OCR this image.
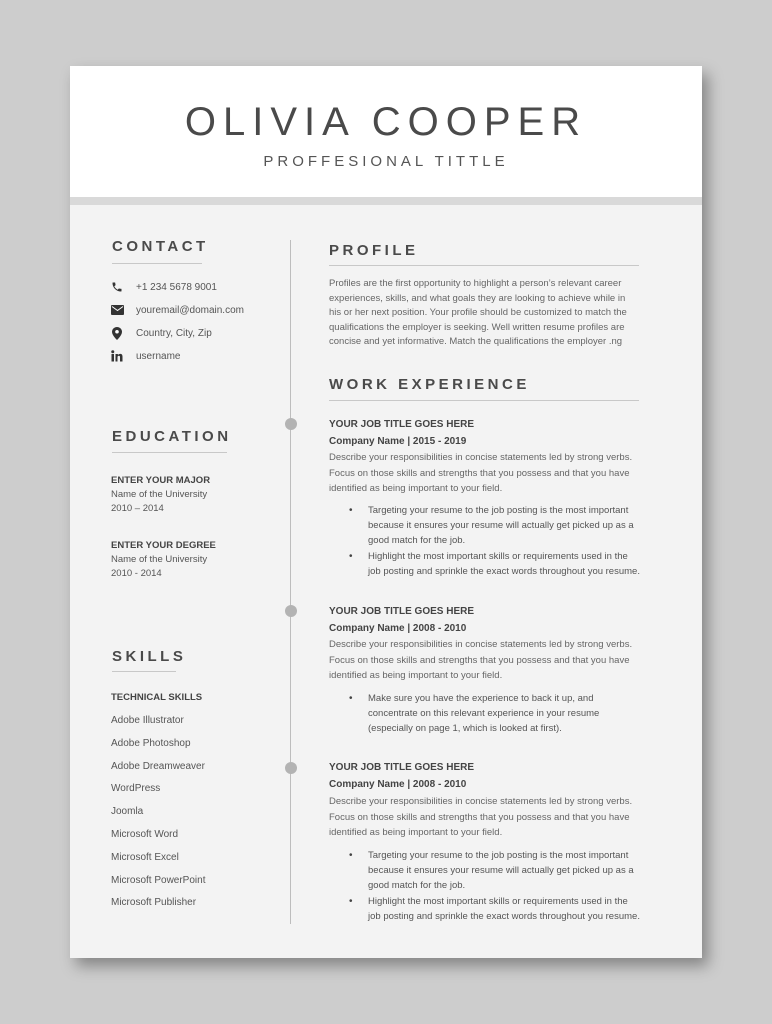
OLIVIA COOPER
PROFFESIONAL TITTLE
CONTACT
+1 234 5678 9001
youremail@domain.com
Country, City, Zip
username
EDUCATION
ENTER YOUR MAJOR
Name of the University
2010 – 2014
ENTER YOUR DEGREE
Name of the University
2010 - 2014
SKILLS
TECHNICAL SKILLS
Adobe Illustrator
Adobe Photoshop
Adobe Dreamweaver
WordPress
Joomla
Microsoft Word
Microsoft Excel
Microsoft PowerPoint
Microsoft Publisher
PROFILE
Profiles are the first opportunity to highlight a person’s relevant career
experiences, skills, and what goals they are looking to achieve while in
his or her next position. Your profile should be customized to match the
qualifications the employer is seeking. Well written resume profiles are
concise and yet informative. Match the qualifications the employer .ng
WORK EXPERIENCE
YOUR JOB TITLE GOES HERE
Company Name | 2015 - 2019
Describe your responsibilities in concise statements led by strong verbs.
Focus on those skills and strengths that you possess and that you have
identified as being important to your field.
• Targeting your resume to the job posting is the most important
because it ensures your resume will actually get picked up as a
good match for the job.
• Highlight the most important skills or requirements used in the
job posting and sprinkle the exact words throughout you resume.
YOUR JOB TITLE GOES HERE
Company Name | 2008 - 2010
Describe your responsibilities in concise statements led by strong verbs.
Focus on those skills and strengths that you possess and that you have
identified as being important to your field.
• Make sure you have the experience to back it up, and
concentrate on this relevant experience in your resume
(especially on page 1, which is looked at first).
YOUR JOB TITLE GOES HERE
Company Name | 2008 - 2010
Describe your responsibilities in concise statements led by strong verbs.
Focus on those skills and strengths that you possess and that you have
identified as being important to your field.
• Targeting your resume to the job posting is the most important
because it ensures your resume will actually get picked up as a
good match for the job.
• Highlight the most important skills or requirements used in the
job posting and sprinkle the exact words throughout you resume.
